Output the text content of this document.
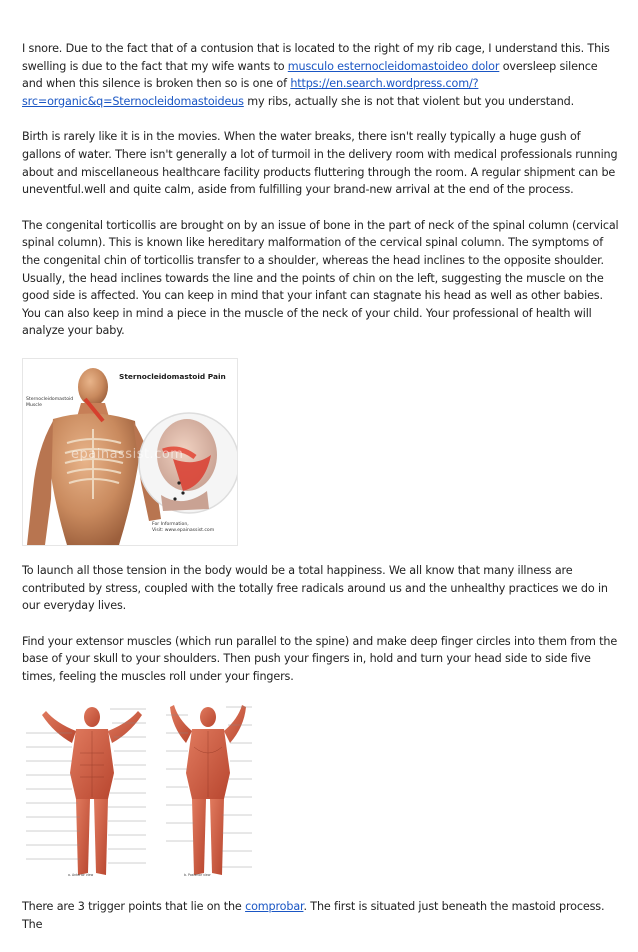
I snore. Due to the fact that of a contusion that is located to the right of my rib cage, I understand this. This swelling is due to the fact that my wife wants to musculo esternocleidomastoideo dolor oversleep silence and when this silence is broken then so is one of https://en.search.wordpress.com/?src=organic&q=Sternocleidomastoideus my ribs, actually she is not that violent but you understand.

Birth is rarely like it is in the movies. When the water breaks, there isn't really typically a huge gush of gallons of water. There isn't generally a lot of turmoil in the delivery room with medical professionals running about and miscellaneous healthcare facility products fluttering through the room. A regular shipment can be uneventful.well and quite calm, aside from fulfilling your brand-new arrival at the end of the process.

The congenital torticollis are brought on by an issue of bone in the part of neck of the spinal column (cervical spinal column). This is known like hereditary malformation of the cervical spinal column. The symptoms of the congenital chin of torticollis transfer to a shoulder, whereas the head inclines to the opposite shoulder. Usually, the head inclines towards the line and the points of chin on the left, suggesting the muscle on the good side is affected. You can keep in mind that your infant can stagnate his head as well as other babies. You can also keep in mind a piece in the muscle of the neck of your child. Your professional of health will analyze your baby.

Sternocleidomastoid Pain
Sternocleidomastoid
Muscle
epainassist.com
For Information,
Visit: www.epainassist.com

To launch all those tension in the body would be a total happiness. We all know that many illness are contributed by stress, coupled with the totally free radicals around us and the unhealthy practices we do in our everyday lives.

Find your extensor muscles (which run parallel to the spine) and make deep finger circles into them from the base of your skull to your shoulders. Then push your fingers in, hold and turn your head side to side five times, feeling the muscles roll under your fingers.

a. Anterior view	b. Posterior view

There are 3 trigger points that lie on the comprobar. The first is situated just beneath the mastoid process. The
